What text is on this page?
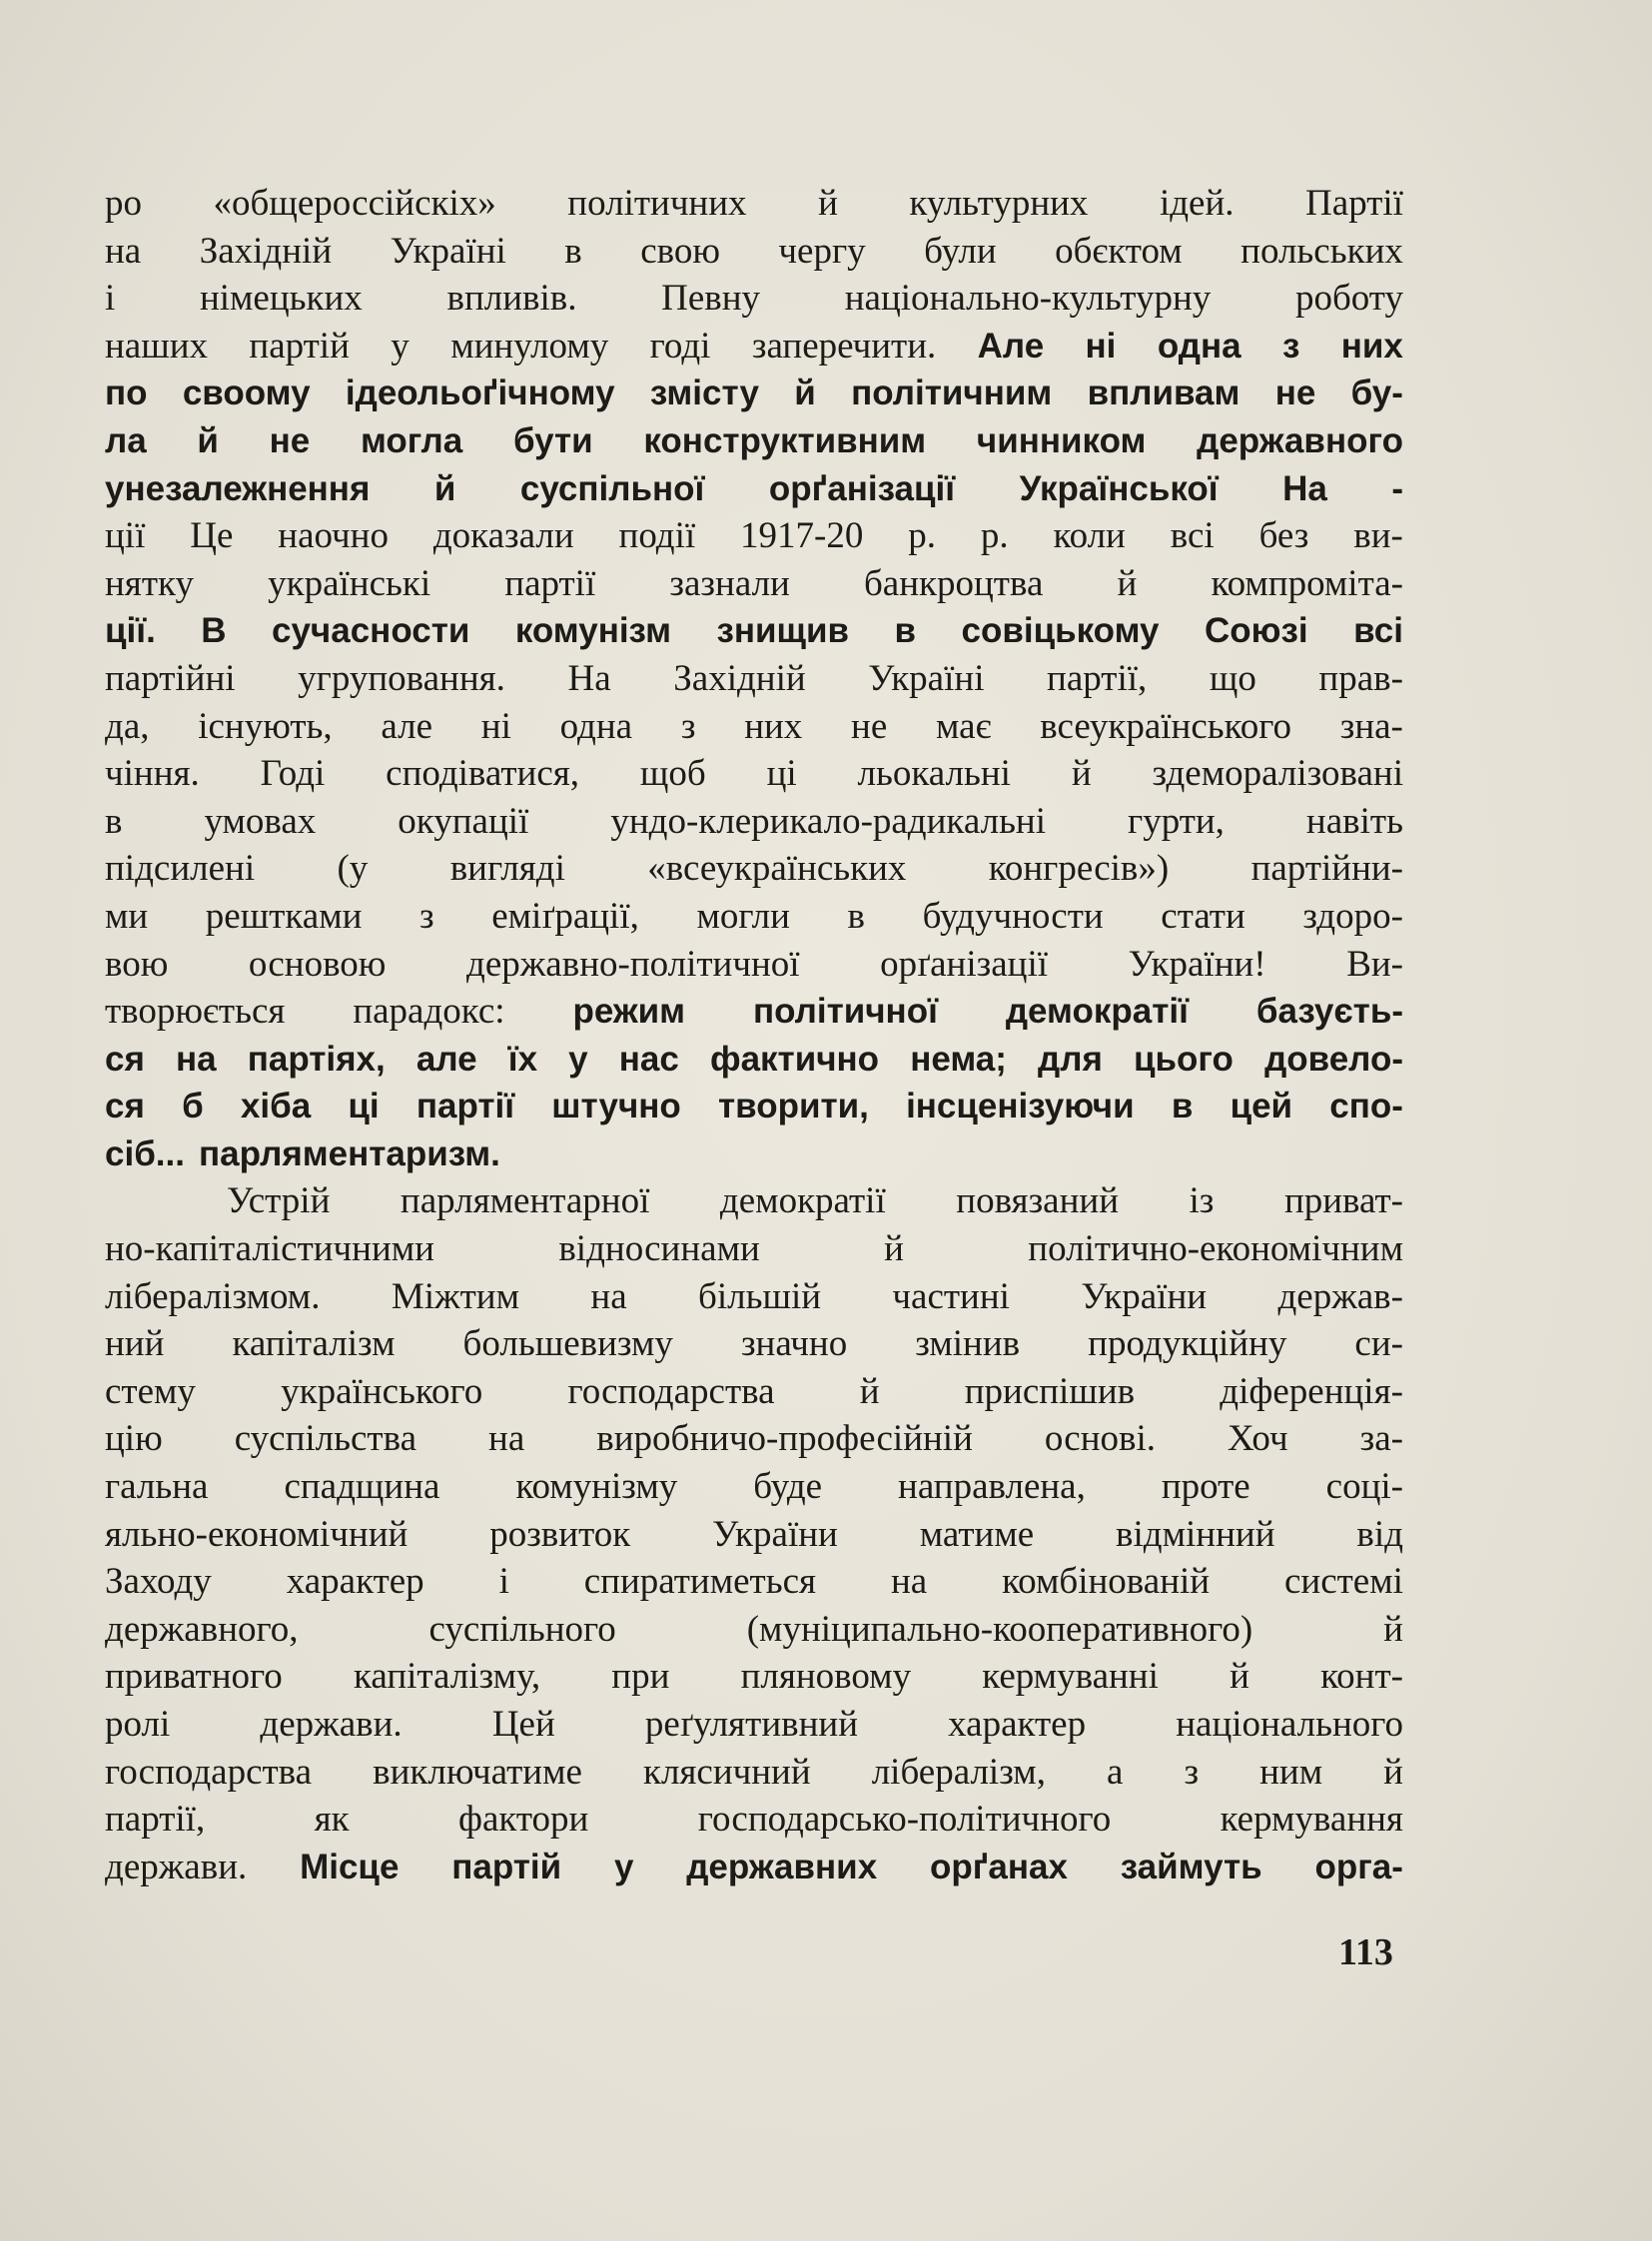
ро «общероссійскіх» політичних й культурних ідей. Партії
на Західній Україні в свою чергу були обєктом польських
і німецьких впливів. Певну національно-культурну роботу
наших партій у минулому годі заперечити. Але ні одна з них
по своому ідеольоґічному змісту й політичним впливам не бу-
ла й не могла бути конструктивним чинником державного
унезалежнення й суспільної орґанізації Української На -
ції Це наочно доказали події 1917-20 р. р. коли всі без ви-
нятку українські партії зазнали банкроцтва й компроміта-
ції. В сучасности комунізм знищив в совіцькому Союзі всі
партійні угруповання. На Західній Україні партії, що прав-
да, існують, але ні одна з них не має всеукраїнського зна-
чіння. Годі сподіватися, щоб ці льокальні й здеморалізовані
в умовах окупації ундо-клерикало-радикальні гурти, навіть
підсилені (у вигляді «всеукраїнських конгресів») партійни-
ми рештками з еміґрації, могли в будучности стати здоро-
вою основою державно-політичної орґанізації України! Ви-
творюється парадокс: режим політичної демократії базуєть-
ся на партіях, але їх у нас фактично нема; для цього довело-
ся б хіба ці партії штучно творити, інсценізуючи в цей спо-
сіб... парляментаризм.
Устрій парляментарної демократії повязаний із приват-
но-капіталістичними	відносинами	й	політично-економічним
лібералізмом. Міжтим на більшій частині України держав-
ний капіталізм большевизму значно змінив продукційну си-
стему українського господарства й приспішив діференція-
цію суспільства на виробничо-професійній основі. Хоч за-
гальна спадщина комунізму буде направлена, проте соці-
яльно-економічний розвиток України матиме відмінний від
Заходу характер і спиратиметься на комбінованій системі
державного,	суспільного	(муніципально-кооперативного)	й
приватного капіталізму, при пляновому кермуванні й конт-
ролі держави. Цей реґулятивний характер національного
господарства виключатиме клясичний лібералізм, а з ним й
партії,	як	фактори	господарсько-політичного	кермування
держави. Місце партій у державних орґанах займуть орга-
113
